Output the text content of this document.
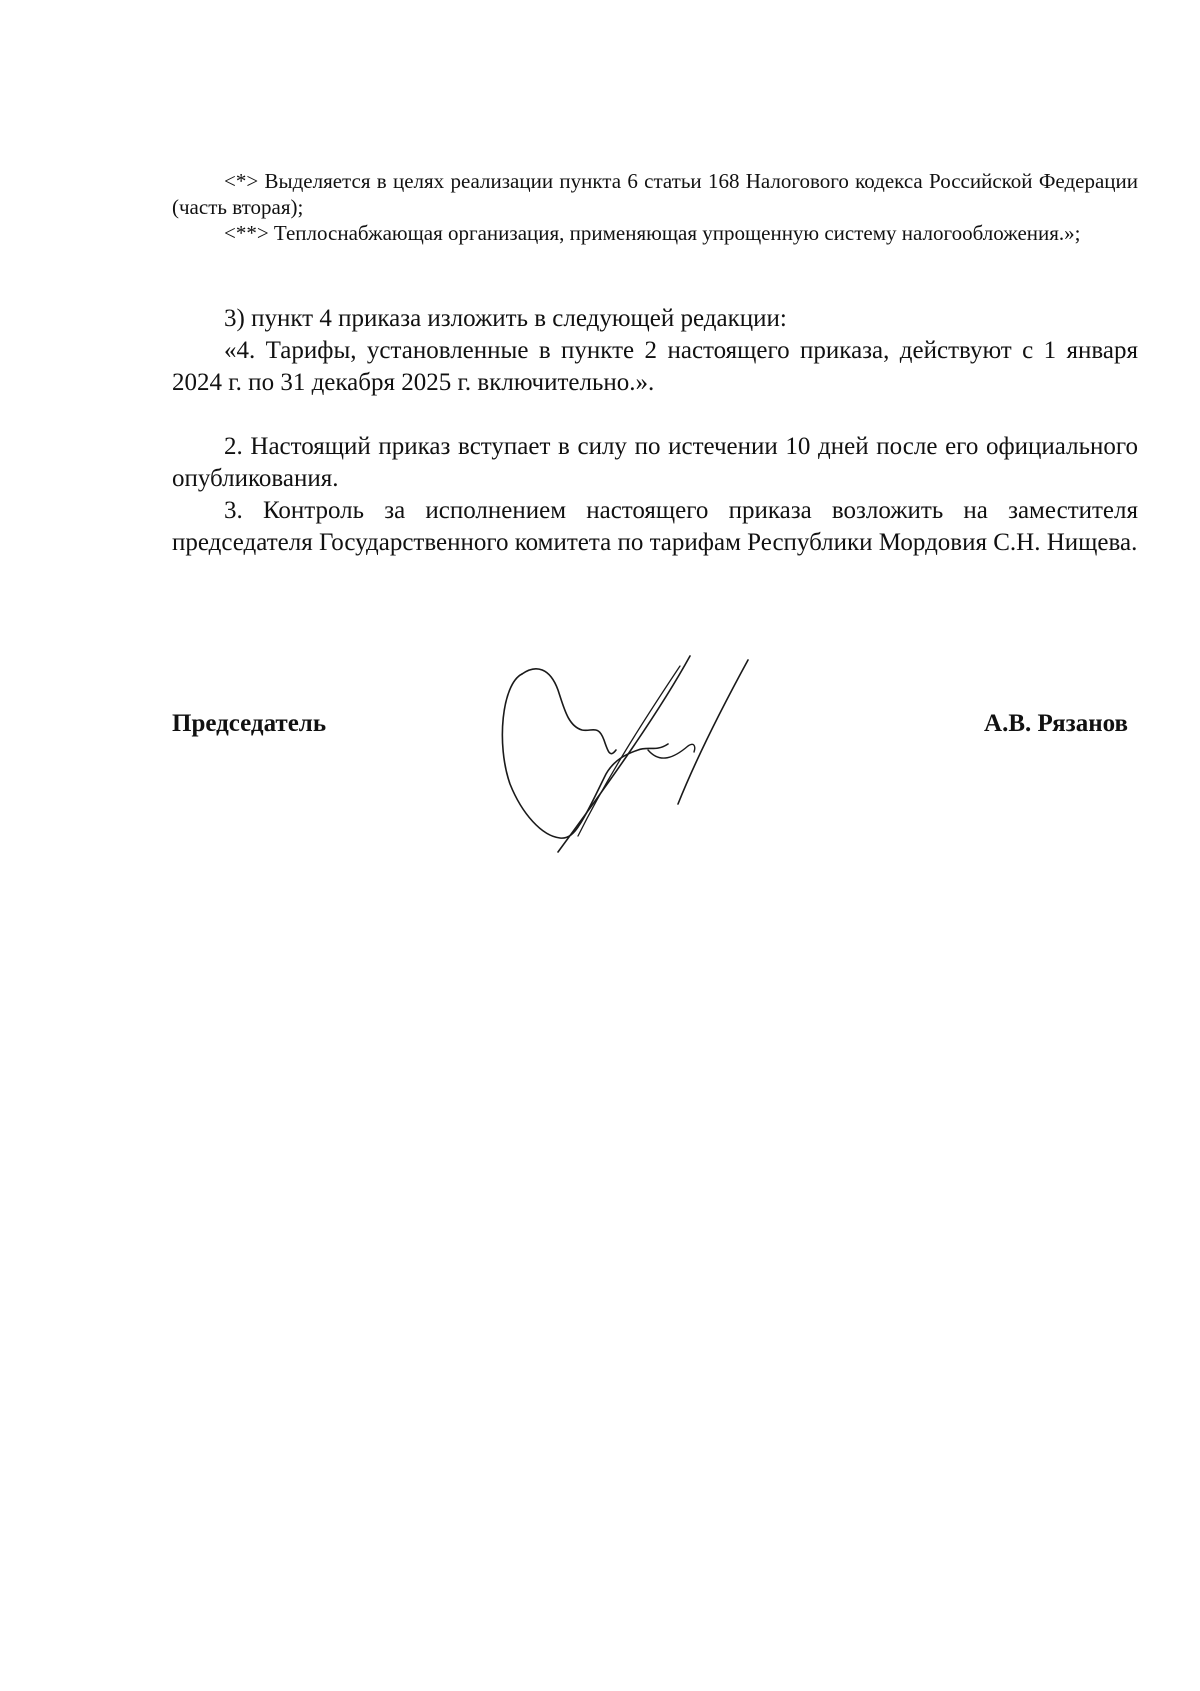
<*> Выделяется в целях реализации пункта 6 статьи 168 Налогового кодекса Российской Федерации (часть вторая);

<**> Теплоснабжающая организация, применяющая упрощенную систему налогообложения.»;

3) пункт 4 приказа изложить в следующей редакции:

«4. Тарифы, установленные в пункте 2 настоящего приказа, действуют с 1 января 2024 г. по 31 декабря 2025 г. включительно.».

2. Настоящий приказ вступает в силу по истечении 10 дней после его официального опубликования.

3. Контроль за исполнением настоящего приказа возложить на заместителя председателя Государственного комитета по тарифам Республики Мордовия С.Н. Нищева.

Председатель	А.В. Рязанов
